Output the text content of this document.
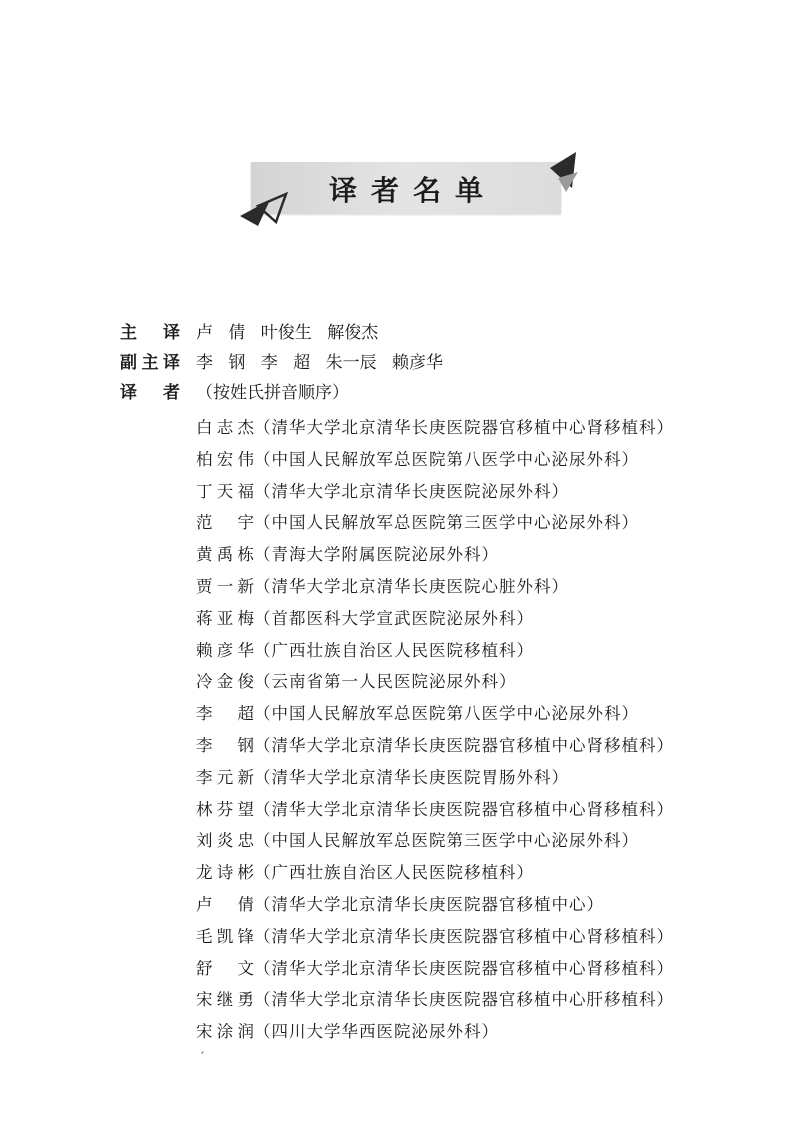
译者名单
主 译 卢 倩 叶俊生 解俊杰
副主译 李 钢 李 超 朱一辰 赖彦华
译 者 （按姓氏拼音顺序）
白志杰（清华大学北京清华长庚医院器官移植中心肾移植科）
柏宏伟（中国人民解放军总医院第八医学中心泌尿外科）
丁天福（清华大学北京清华长庚医院泌尿外科）
范 宇（中国人民解放军总医院第三医学中心泌尿外科）
黄禹栋（青海大学附属医院泌尿外科）
贾一新（清华大学北京清华长庚医院心脏外科）
蒋亚梅（首都医科大学宣武医院泌尿外科）
赖彦华（广西壮族自治区人民医院移植科）
冷金俊（云南省第一人民医院泌尿外科）
李 超（中国人民解放军总医院第八医学中心泌尿外科）
李 钢（清华大学北京清华长庚医院器官移植中心肾移植科）
李元新（清华大学北京清华长庚医院胃肠外科）
林芬望（清华大学北京清华长庚医院器官移植中心肾移植科）
刘炎忠（中国人民解放军总医院第三医学中心泌尿外科）
龙诗彬（广西壮族自治区人民医院移植科）
卢 倩（清华大学北京清华长庚医院器官移植中心）
毛凯锋（清华大学北京清华长庚医院器官移植中心肾移植科）
舒 文（清华大学北京清华长庚医院器官移植中心肾移植科）
宋继勇（清华大学北京清华长庚医院器官移植中心肝移植科）
宋涂润（四川大学华西医院泌尿外科）
′
